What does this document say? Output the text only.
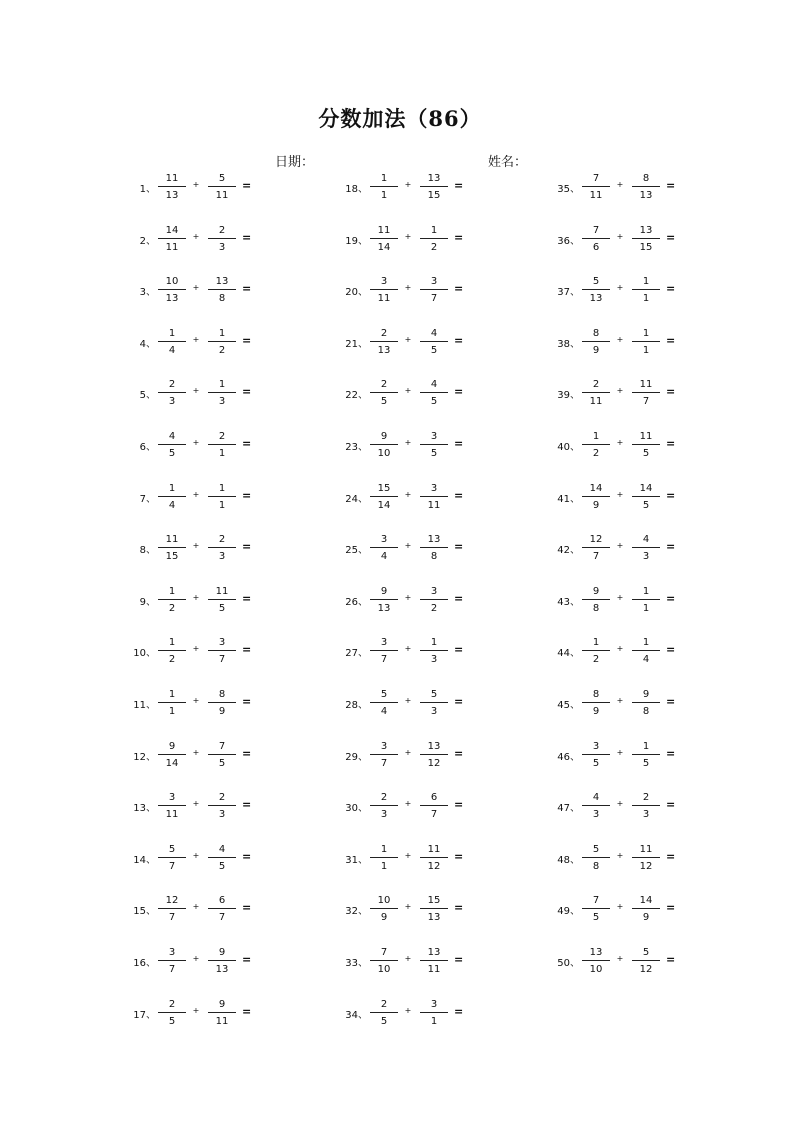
分数加法（86）
日期：	姓名：
1、
11
13
+
5
11
=
2、
14
11
+
2
3
=
3、
10
13
+
13
8
=
4、
1
4
+
1
2
=
5、
2
3
+
1
3
=
6、
4
5
+
2
1
=
7、
1
4
+
1
1
=
8、
11
15
+
2
3
=
9、
1
2
+
11
5
=
10、
1
2
+
3
7
=
11、
1
1
+
8
9
=
12、
9
14
+
7
5
=
13、
3
11
+
2
3
=
14、
5
7
+
4
5
=
15、
12
7
+
6
7
=
16、
3
7
+
9
13
=
17、
2
5
+
9
11
=
18、
1
1
+
13
15
=
19、
11
14
+
1
2
=
20、
3
11
+
3
7
=
21、
2
13
+
4
5
=
22、
2
5
+
4
5
=
23、
9
10
+
3
5
=
24、
15
14
+
3
11
=
25、
3
4
+
13
8
=
26、
9
13
+
3
2
=
27、
3
7
+
1
3
=
28、
5
4
+
5
3
=
29、
3
7
+
13
12
=
30、
2
3
+
6
7
=
31、
1
1
+
11
12
=
32、
10
9
+
15
13
=
33、
7
10
+
13
11
=
34、
2
5
+
3
1
=
35、
7
11
+
8
13
=
36、
7
6
+
13
15
=
37、
5
13
+
1
1
=
38、
8
9
+
1
1
=
39、
2
11
+
11
7
=
40、
1
2
+
11
5
=
41、
14
9
+
14
5
=
42、
12
7
+
4
3
=
43、
9
8
+
1
1
=
44、
1
2
+
1
4
=
45、
8
9
+
9
8
=
46、
3
5
+
1
5
=
47、
4
3
+
2
3
=
48、
5
8
+
11
12
=
49、
7
5
+
14
9
=
50、
13
10
+
5
12
=
